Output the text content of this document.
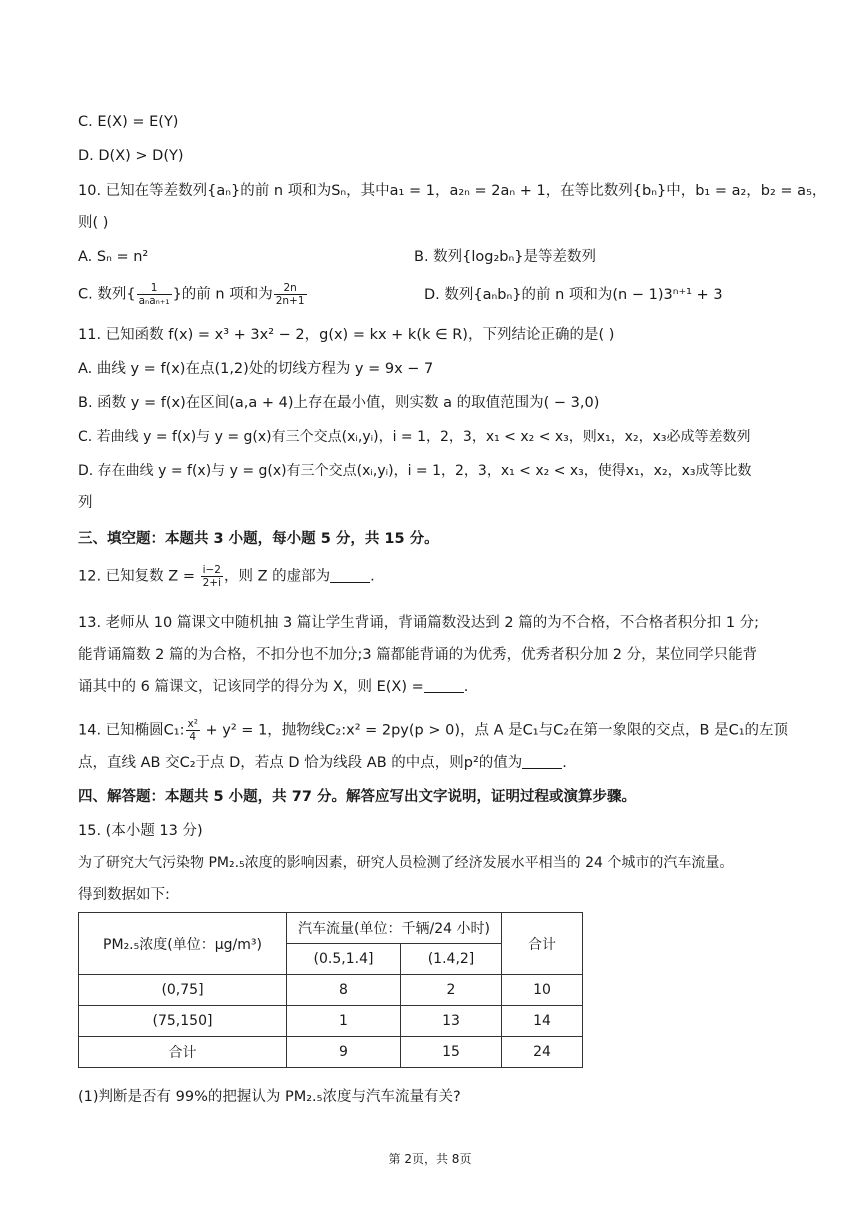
C. E(X) = E(Y)
D. D(X) > D(Y)
10. 已知在等差数列{aₙ}的前 n 项和为Sₙ，其中a₁ = 1，a₂ₙ = 2aₙ + 1，在等比数列{bₙ}中，b₁ = a₂，b₂ = a₅，
则( )
A. Sₙ = n²	B. 数列{log₂bₙ}是等差数列
C. 数列{ $\frac{1}{\text{aₙaₙ₊₁}}$ }的前 n 项和为 $\frac{2n}{2n+1}$	D. 数列{aₙbₙ}的前 n 项和为(n − 1)3ⁿ⁺¹ + 3
11. 已知函数 f(x) = x³ + 3x² − 2，g(x) = kx + k(k ∈ R)，下列结论正确的是( )
A. 曲线 y = f(x)在点(1,2)处的切线方程为 y = 9x − 7
B. 函数 y = f(x)在区间(a,a + 4)上存在最小值，则实数 a 的取值范围为( − 3,0)
C. 若曲线 y = f(x)与 y = g(x)有三个交点(xᵢ,yᵢ)，i = 1，2，3，x₁ < x₂ < x₃，则x₁，x₂，x₃必成等差数列
D. 存在曲线 y = f(x)与 y = g(x)有三个交点(xᵢ,yᵢ)，i = 1，2，3，x₁ < x₂ < x₃，使得x₁，x₂，x₃成等比数
列
三、填空题：本题共 3 小题，每小题 5 分，共 15 分。
12. 已知复数 $Z = \frac{i-2}{2+i}$ ，则 Z 的虚部为	.
13. 老师从 10 篇课文中随机抽 3 篇让学生背诵，背诵篇数没达到 2 篇的为不合格，不合格者积分扣 1 分;
能背诵篇数 2 篇的为合格，不扣分也不加分;3 篇都能背诵的为优秀，优秀者积分加 2 分，某位同学只能背
诵其中的 6 篇课文，记该同学的得分为 X，则 E(X) =	.
14. 已知椭圆C₁: $\frac{\text{x²}}{4} + y^2 = 1$，抛物线C₂:x² = 2py(p > 0)，点 A 是C₁与C₂在第一象限的交点，B 是C₁的左顶
点，直线 AB 交C₂于点 D，若点 D 恰为线段 AB 的中点，则p²的值为	.
四、解答题：本题共 5 小题，共 77 分。解答应写出文字说明，证明过程或演算步骤。
15. (本小题 13 分)
为了研究大气污染物 PM₂.₅浓度的影响因素，研究人员检测了经济发展水平相当的 24 个城市的汽车流量。
得到数据如下:
PM₂.₅浓度(单位：μg/m³)	汽车流量(单位：千辆/24 小时)		合计
	(0.5,1.4]	(1.4,2]	
(0,75]	8	2	10
(75,150]	1	13	14
合计	9	15	24
(1)判断是否有 99%的把握认为 PM₂.₅浓度与汽车流量有关?
第 2页，共 8页
